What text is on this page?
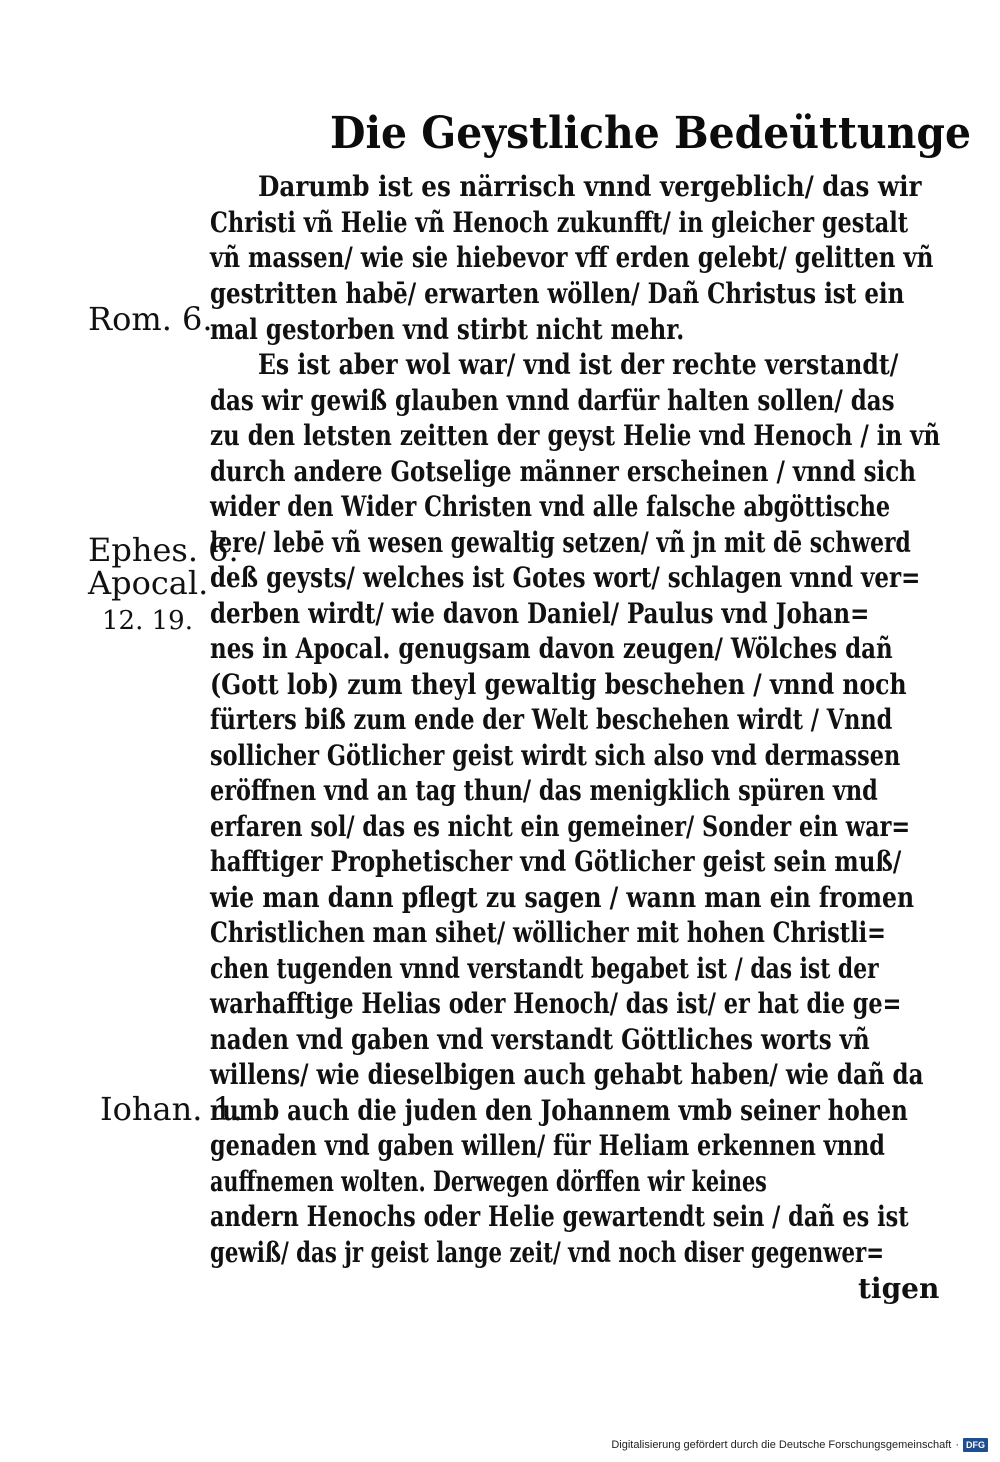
Die Geystliche Bedeüttunge
Darumb ist es närrisch vnnd vergeblich/ das wir
Christi vñ Helie vñ Henoch zukunfft/ in gleicher gestalt
vñ massen/ wie sie hiebevor vff erden gelebt/ gelitten vñ
gestritten habē/ erwarten wöllen/ Dañ Christus ist ein
mal gestorben vnd stirbt nicht mehr.
Es ist aber wol war/ vnd ist der rechte verstandt/
das wir gewiß glauben vnnd darfür halten sollen/ das
zu den letsten zeitten der geyst Helie vnd Henoch / in vñ
durch andere Gotselige männer erscheinen / vnnd sich
wider den Wider Christen vnd alle falsche abgöttische
lere/ lebē vñ wesen gewaltig setzen/ vñ jn mit dē schwerd
deß geysts/ welches ist Gotes wort/ schlagen vnnd ver=
derben wirdt/ wie davon Daniel/ Paulus vnd Johan=
nes in Apocal. genugsam davon zeugen/ Wölches dañ
(Gott lob) zum theyl gewaltig beschehen / vnnd noch
fürters biß zum ende der Welt beschehen wirdt / Vnnd
sollicher Götlicher geist wirdt sich also vnd dermassen
eröffnen vnd an tag thun/ das menigklich spüren vnd
erfaren sol/ das es nicht ein gemeiner/ Sonder ein war=
hafftiger Prophetischer vnd Götlicher geist sein muß/
wie man dann pflegt zu sagen / wann man ein fromen
Christlichen man sihet/ wöllicher mit hohen Christli=
chen tugenden vnnd verstandt begabet ist / das ist der
warhafftige Helias oder Henoch/ das ist/ er hat die ge=
naden vnd gaben vnd verstandt Göttliches worts vñ
willens/ wie dieselbigen auch gehabt haben/ wie dañ da
rumb auch die juden den Johannem vmb seiner hohen
genaden vnd gaben willen/ für Heliam erkennen vnnd
auffnemen wolten. Derwegen dörffen wir keines
andern Henochs oder Helie gewartendt sein / dañ es ist
gewiß/ das jr geist lange zeit/ vnd noch diser gegenwer=
tigen
Rom. 6.
Ephes. 6.
Apocal.
12. 19.
Iohan. 1.
Digitalisierung gefördert durch die Deutsche Forschungsgemeinschaft · DFG
